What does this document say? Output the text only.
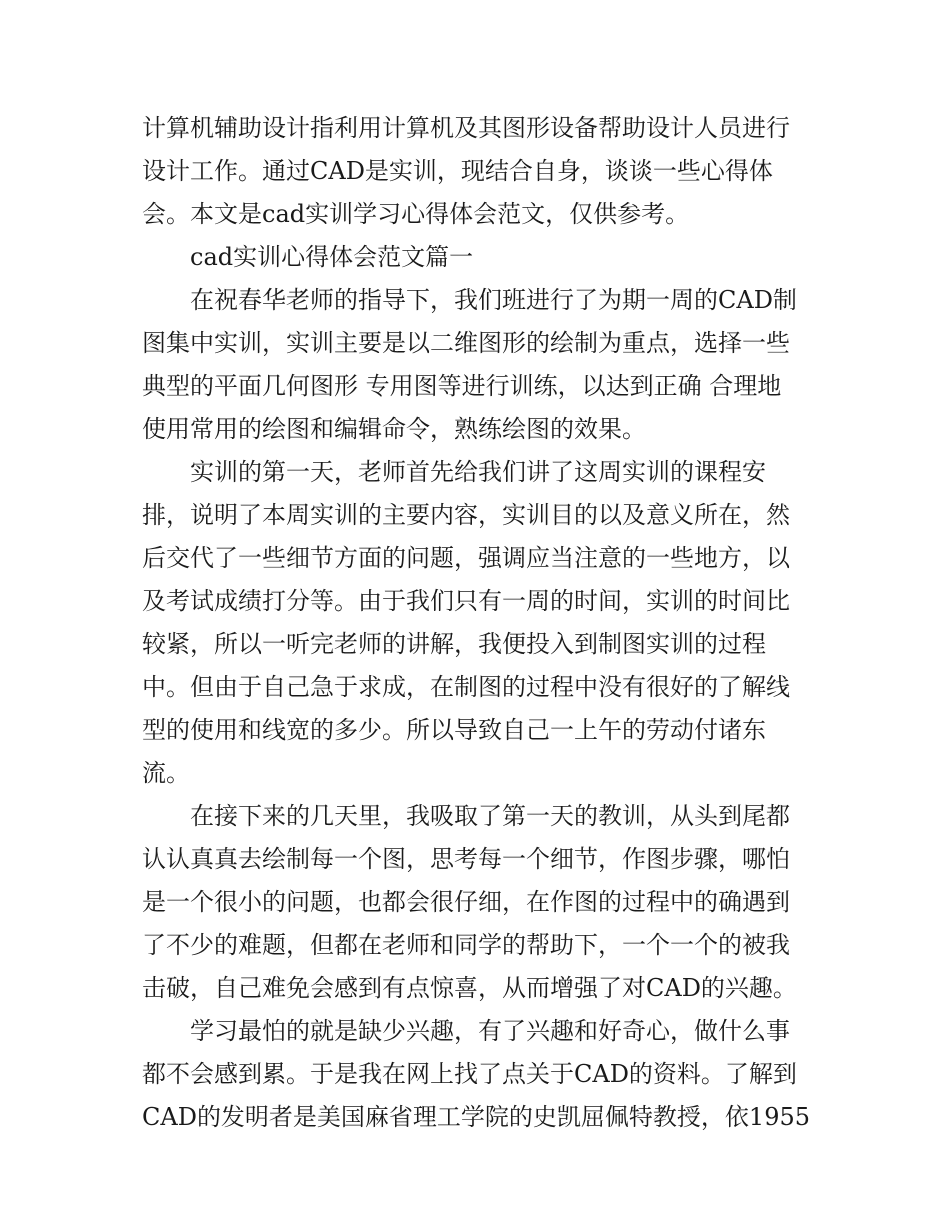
计算机辅助设计指利用计算机及其图形设备帮助设计人员进行
设计工作。通过CAD是实训，现结合自身，谈谈一些心得体
会。本文是cad实训学习心得体会范文，仅供参考。
cad实训心得体会范文篇一
在祝春华老师的指导下，我们班进行了为期一周的CAD制
图集中实训，实训主要是以二维图形的绘制为重点，选择一些
典型的平面几何图形 专用图等进行训练，以达到正确 合理地
使用常用的绘图和编辑命令，熟练绘图的效果。
实训的第一天，老师首先给我们讲了这周实训的课程安
排，说明了本周实训的主要内容，实训目的以及意义所在，然
后交代了一些细节方面的问题，强调应当注意的一些地方，以
及考试成绩打分等。由于我们只有一周的时间，实训的时间比
较紧，所以一听完老师的讲解，我便投入到制图实训的过程
中。但由于自己急于求成，在制图的过程中没有很好的了解线
型的使用和线宽的多少。所以导致自己一上午的劳动付诸东
流。
在接下来的几天里，我吸取了第一天的教训，从头到尾都
认认真真去绘制每一个图，思考每一个细节，作图步骤，哪怕
是一个很小的问题，也都会很仔细，在作图的过程中的确遇到
了不少的难题，但都在老师和同学的帮助下，一个一个的被我
击破，自己难免会感到有点惊喜，从而增强了对CAD的兴趣。
学习最怕的就是缺少兴趣，有了兴趣和好奇心，做什么事
都不会感到累。于是我在网上找了点关于CAD的资料。了解到
CAD的发明者是美国麻省理工学院的史凯屈佩特教授，依1955
